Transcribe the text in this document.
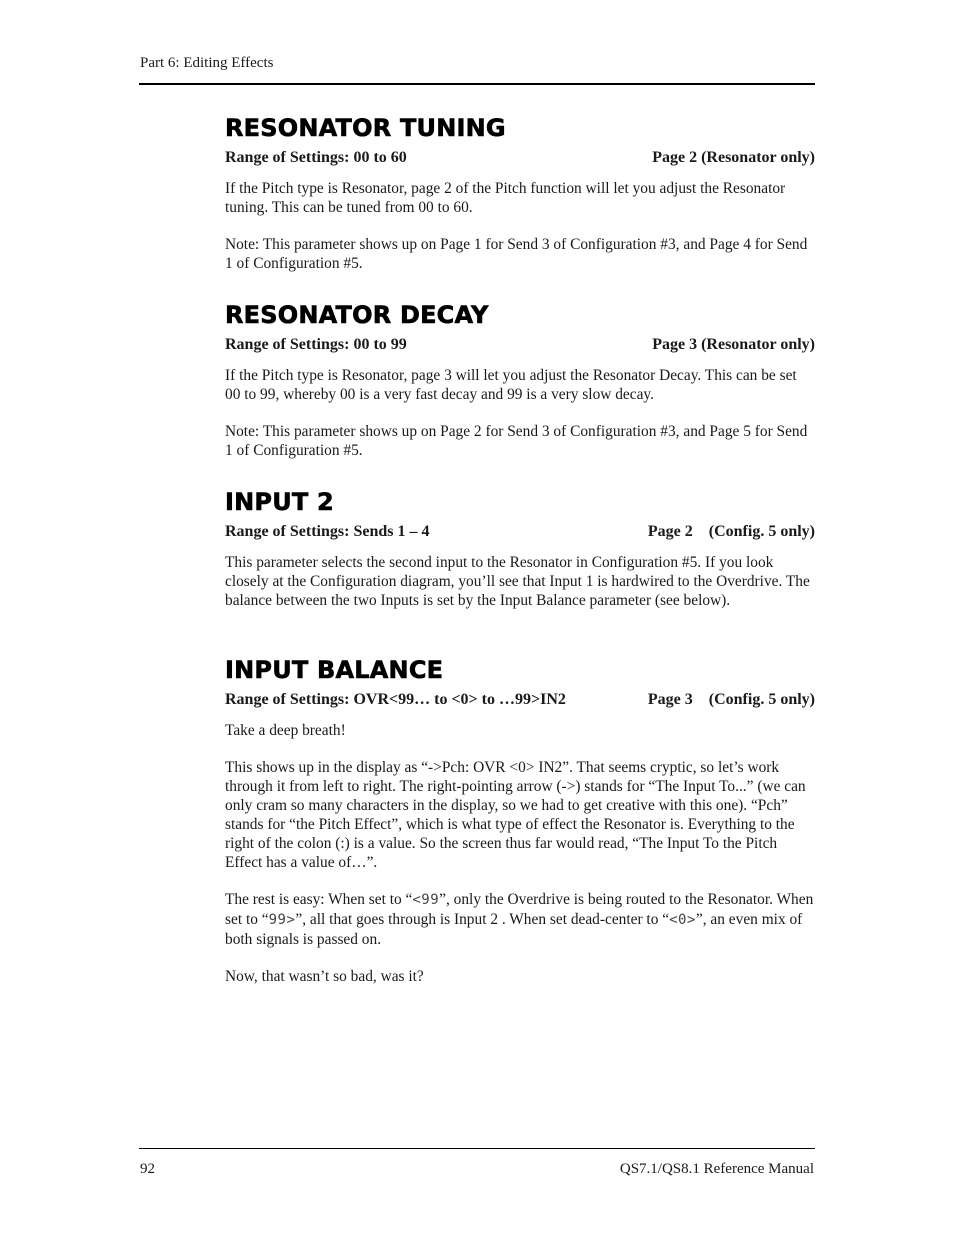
Part 6: Editing Effects
RESONATOR TUNING
Range of Settings: 00 to 60	Page 2 (Resonator only)

If the Pitch type is Resonator, page 2 of the Pitch function will let you adjust the Resonator tuning. This can be tuned from 00 to 60.

Note: This parameter shows up on Page 1 for Send 3 of Configuration #3, and Page 4 for Send 1 of Configuration #5.

RESONATOR DECAY
Range of Settings: 00 to 99	Page 3 (Resonator only)

If the Pitch type is Resonator, page 3 will let you adjust the Resonator Decay. This can be set 00 to 99, whereby 00 is a very fast decay and 99 is a very slow decay.

Note: This parameter shows up on Page 2 for Send 3 of Configuration #3, and Page 5 for Send 1 of Configuration #5.

INPUT 2
Range of Settings: Sends 1 – 4	Page 2    (Config. 5 only)

This parameter selects the second input to the Resonator in Configuration #5. If you look closely at the Configuration diagram, you’ll see that Input 1 is hardwired to the Overdrive. The balance between the two Inputs is set by the Input Balance parameter (see below).

INPUT BALANCE
Range of Settings: OVR<99… to <0> to …99>IN2	Page 3    (Config. 5 only)

Take a deep breath!

This shows up in the display as “->Pch: OVR <0> IN2”. That seems cryptic, so let’s work through it from left to right. The right-pointing arrow (->) stands for “The Input To...” (we can only cram so many characters in the display, so we had to get creative with this one). “Pch” stands for “the Pitch Effect”, which is what type of effect the Resonator is. Everything to the right of the colon (:) is a value. So the screen thus far would read, “The Input To the Pitch Effect has a value of…”.

The rest is easy: When set to “<99”, only the Overdrive is being routed to the Resonator. When set to “99>”, all that goes through is Input 2 . When set dead-center to “<0>”, an even mix of both signals is passed on.

Now, that wasn’t so bad, was it?

92	QS7.1/QS8.1 Reference Manual
